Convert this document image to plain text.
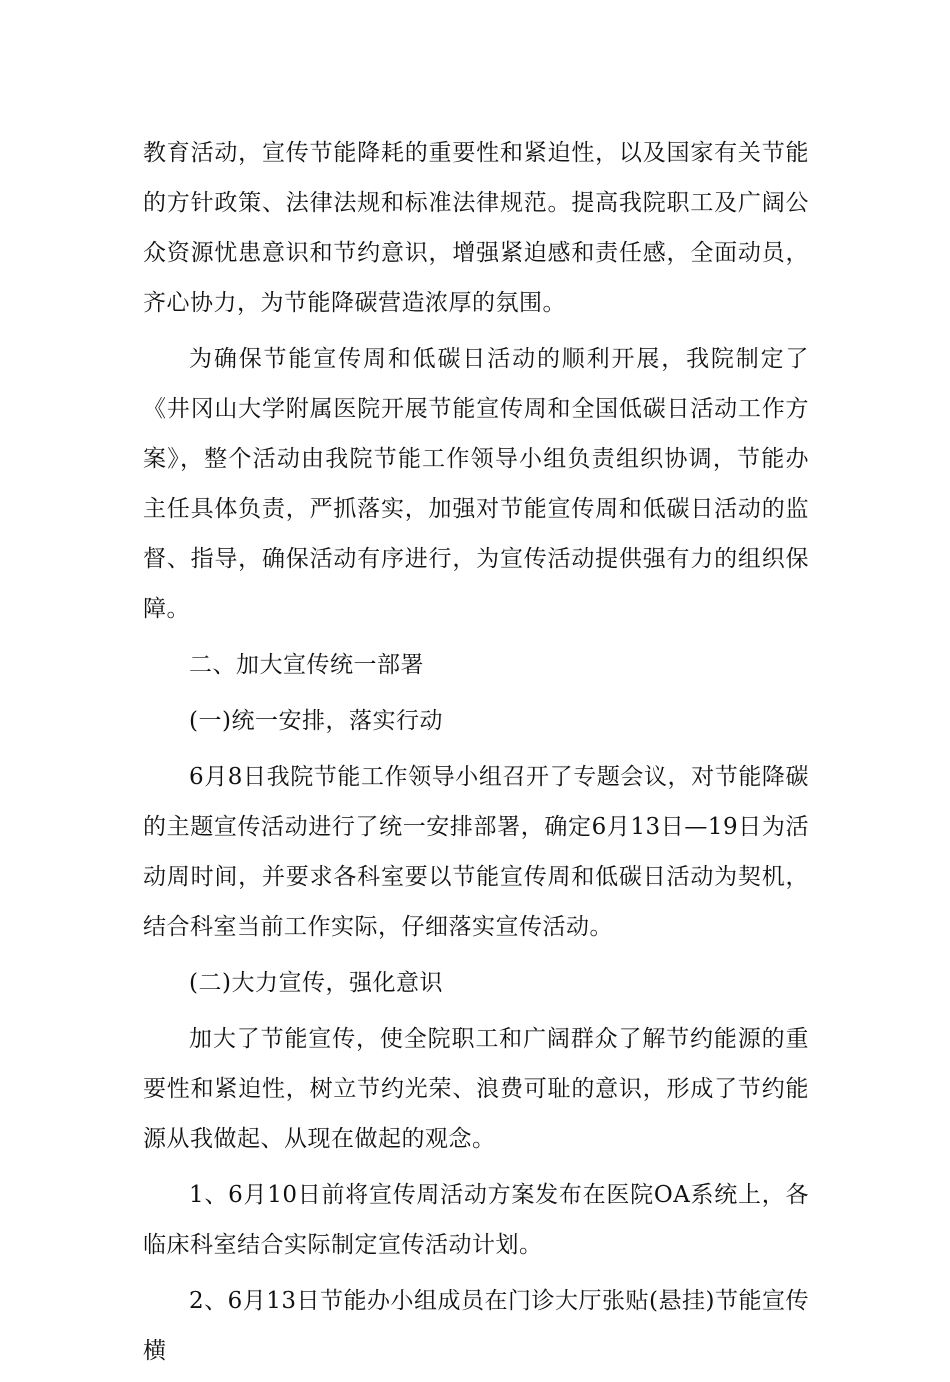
教育活动，宣传节能降耗的重要性和紧迫性，以及国家有关节能的方针政策、法律法规和标准法律规范。提高我院职工及广阔公众资源忧患意识和节约意识，增强紧迫感和责任感，全面动员，齐心协力，为节能降碳营造浓厚的氛围。

为确保节能宣传周和低碳日活动的顺利开展，我院制定了《井冈山大学附属医院开展节能宣传周和全国低碳日活动工作方案》，整个活动由我院节能工作领导小组负责组织协调，节能办主任具体负责，严抓落实，加强对节能宣传周和低碳日活动的监督、指导，确保活动有序进行，为宣传活动提供强有力的组织保障。

二、加大宣传统一部署

(一)统一安排，落实行动

6月8日我院节能工作领导小组召开了专题会议，对节能降碳的主题宣传活动进行了统一安排部署，确定6月13日—19日为活动周时间，并要求各科室要以节能宣传周和低碳日活动为契机，结合科室当前工作实际，仔细落实宣传活动。

(二)大力宣传，强化意识

加大了节能宣传，使全院职工和广阔群众了解节约能源的重要性和紧迫性，树立节约光荣、浪费可耻的意识，形成了节约能源从我做起、从现在做起的观念。

1、6月10日前将宣传周活动方案发布在医院OA系统上，各临床科室结合实际制定宣传活动计划。

2、6月13日节能办小组成员在门诊大厅张贴(悬挂)节能宣传横
